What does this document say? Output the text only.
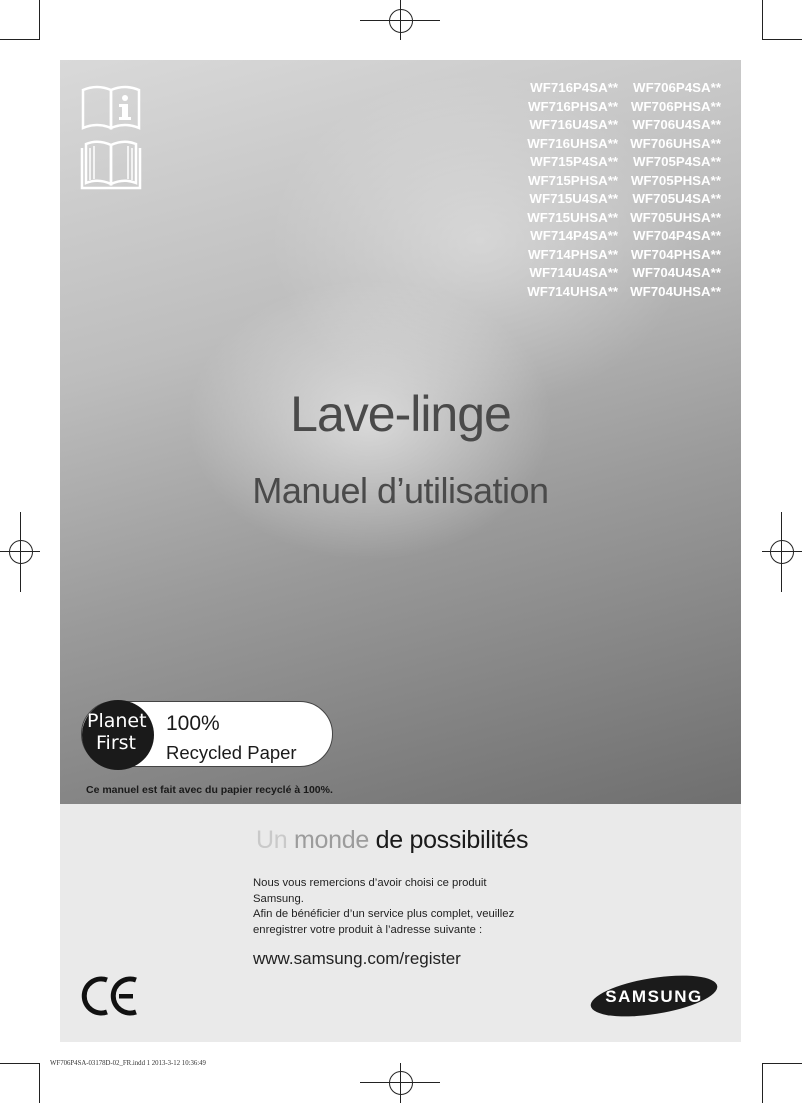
WF716P4SA** WF706P4SA**
WF716PHSA** WF706PHSA**
WF716U4SA** WF706U4SA**
WF716UHSA** WF706UHSA**
WF715P4SA** WF705P4SA**
WF715PHSA** WF705PHSA**
WF715U4SA** WF705U4SA**
WF715UHSA** WF705UHSA**
WF714P4SA** WF704P4SA**
WF714PHSA** WF704PHSA**
WF714U4SA** WF704U4SA**
WF714UHSA** WF704UHSA**
Lave-linge
Manuel d’utilisation
Planet
First
100%
Recycled Paper
Ce manuel est fait avec du papier recyclé à 100%.
Un monde de possibilités
Nous vous remercions d’avoir choisi ce produit
Samsung.
Afin de bénéficier d’un service plus complet, veuillez
enregistrer votre produit à l’adresse suivante :
www.samsung.com/register
SAMSUNG
WF706P4SA-03178D-02_FR.indd 1 2013-3-12 10:36:49
